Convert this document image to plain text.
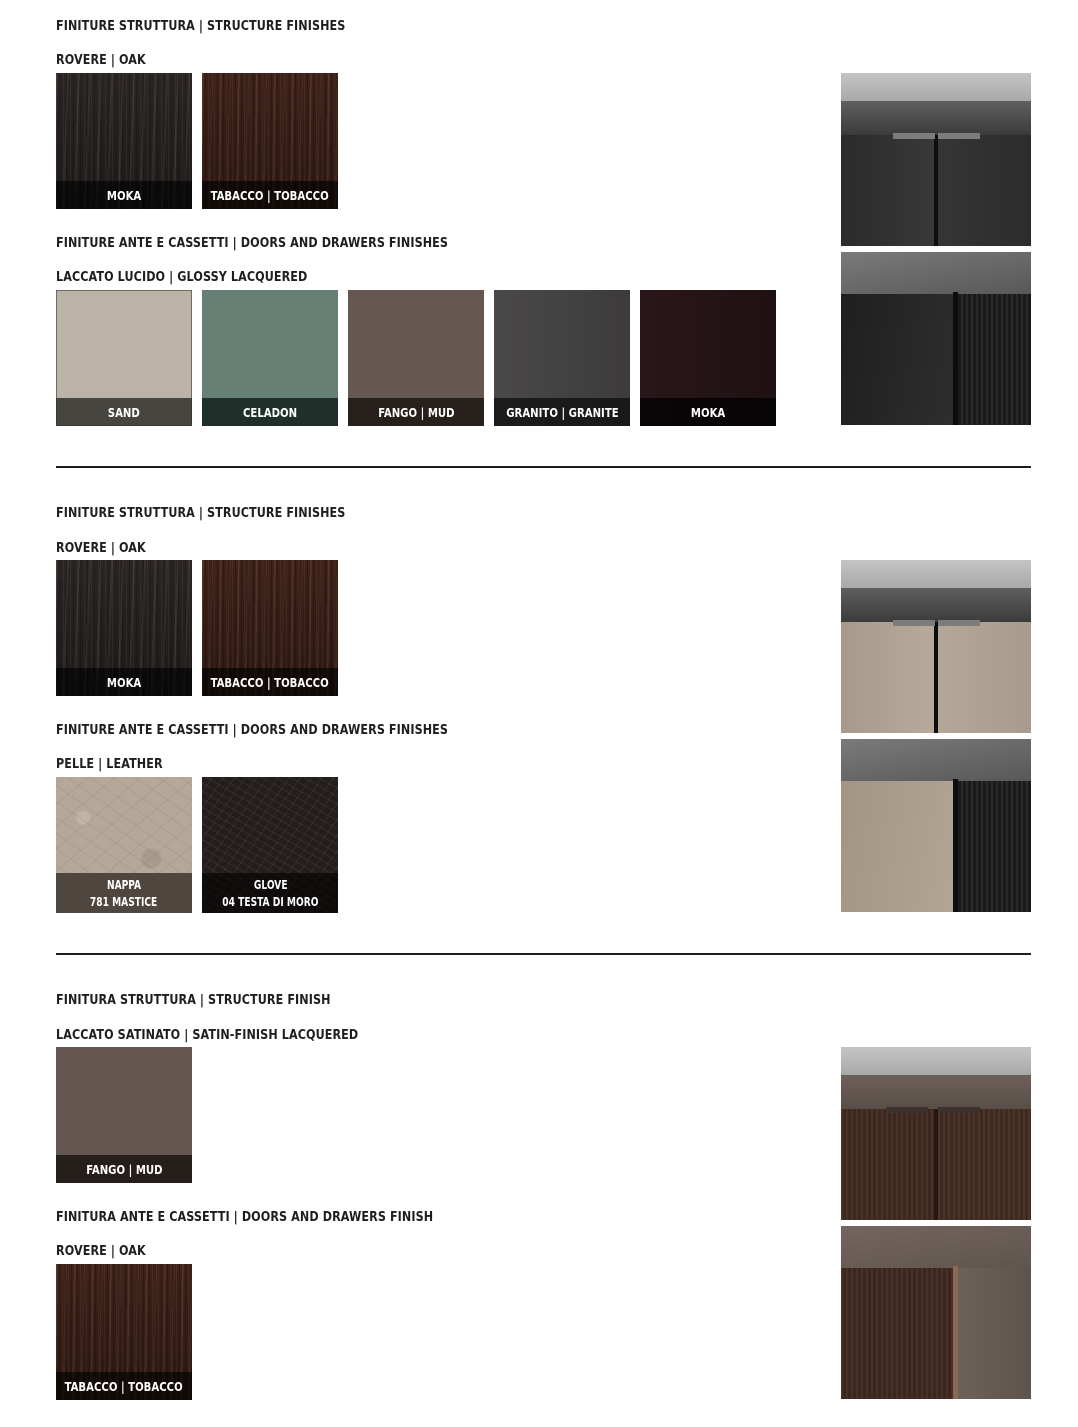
FINITURE STRUTTURA | STRUCTURE FINISHES
ROVERE | OAK
MOKA	TABACCO | TOBACCO
FINITURE ANTE E CASSETTI | DOORS AND DRAWERS FINISHES
LACCATO LUCIDO | GLOSSY LACQUERED
SAND	CELADON	FANGO | MUD	GRANITO | GRANITE	MOKA
FINITURE STRUTTURA | STRUCTURE FINISHES
ROVERE | OAK
MOKA	TABACCO | TOBACCO
FINITURE ANTE E CASSETTI | DOORS AND DRAWERS FINISHES
PELLE | LEATHER
NAPPA
781 MASTICE
GLOVE
04 TESTA DI MORO
FINITURA STRUTTURA | STRUCTURE FINISH
LACCATO SATINATO | SATIN-FINISH LACQUERED
FANGO | MUD
FINITURA ANTE E CASSETTI | DOORS AND DRAWERS FINISH
ROVERE | OAK
TABACCO | TOBACCO
